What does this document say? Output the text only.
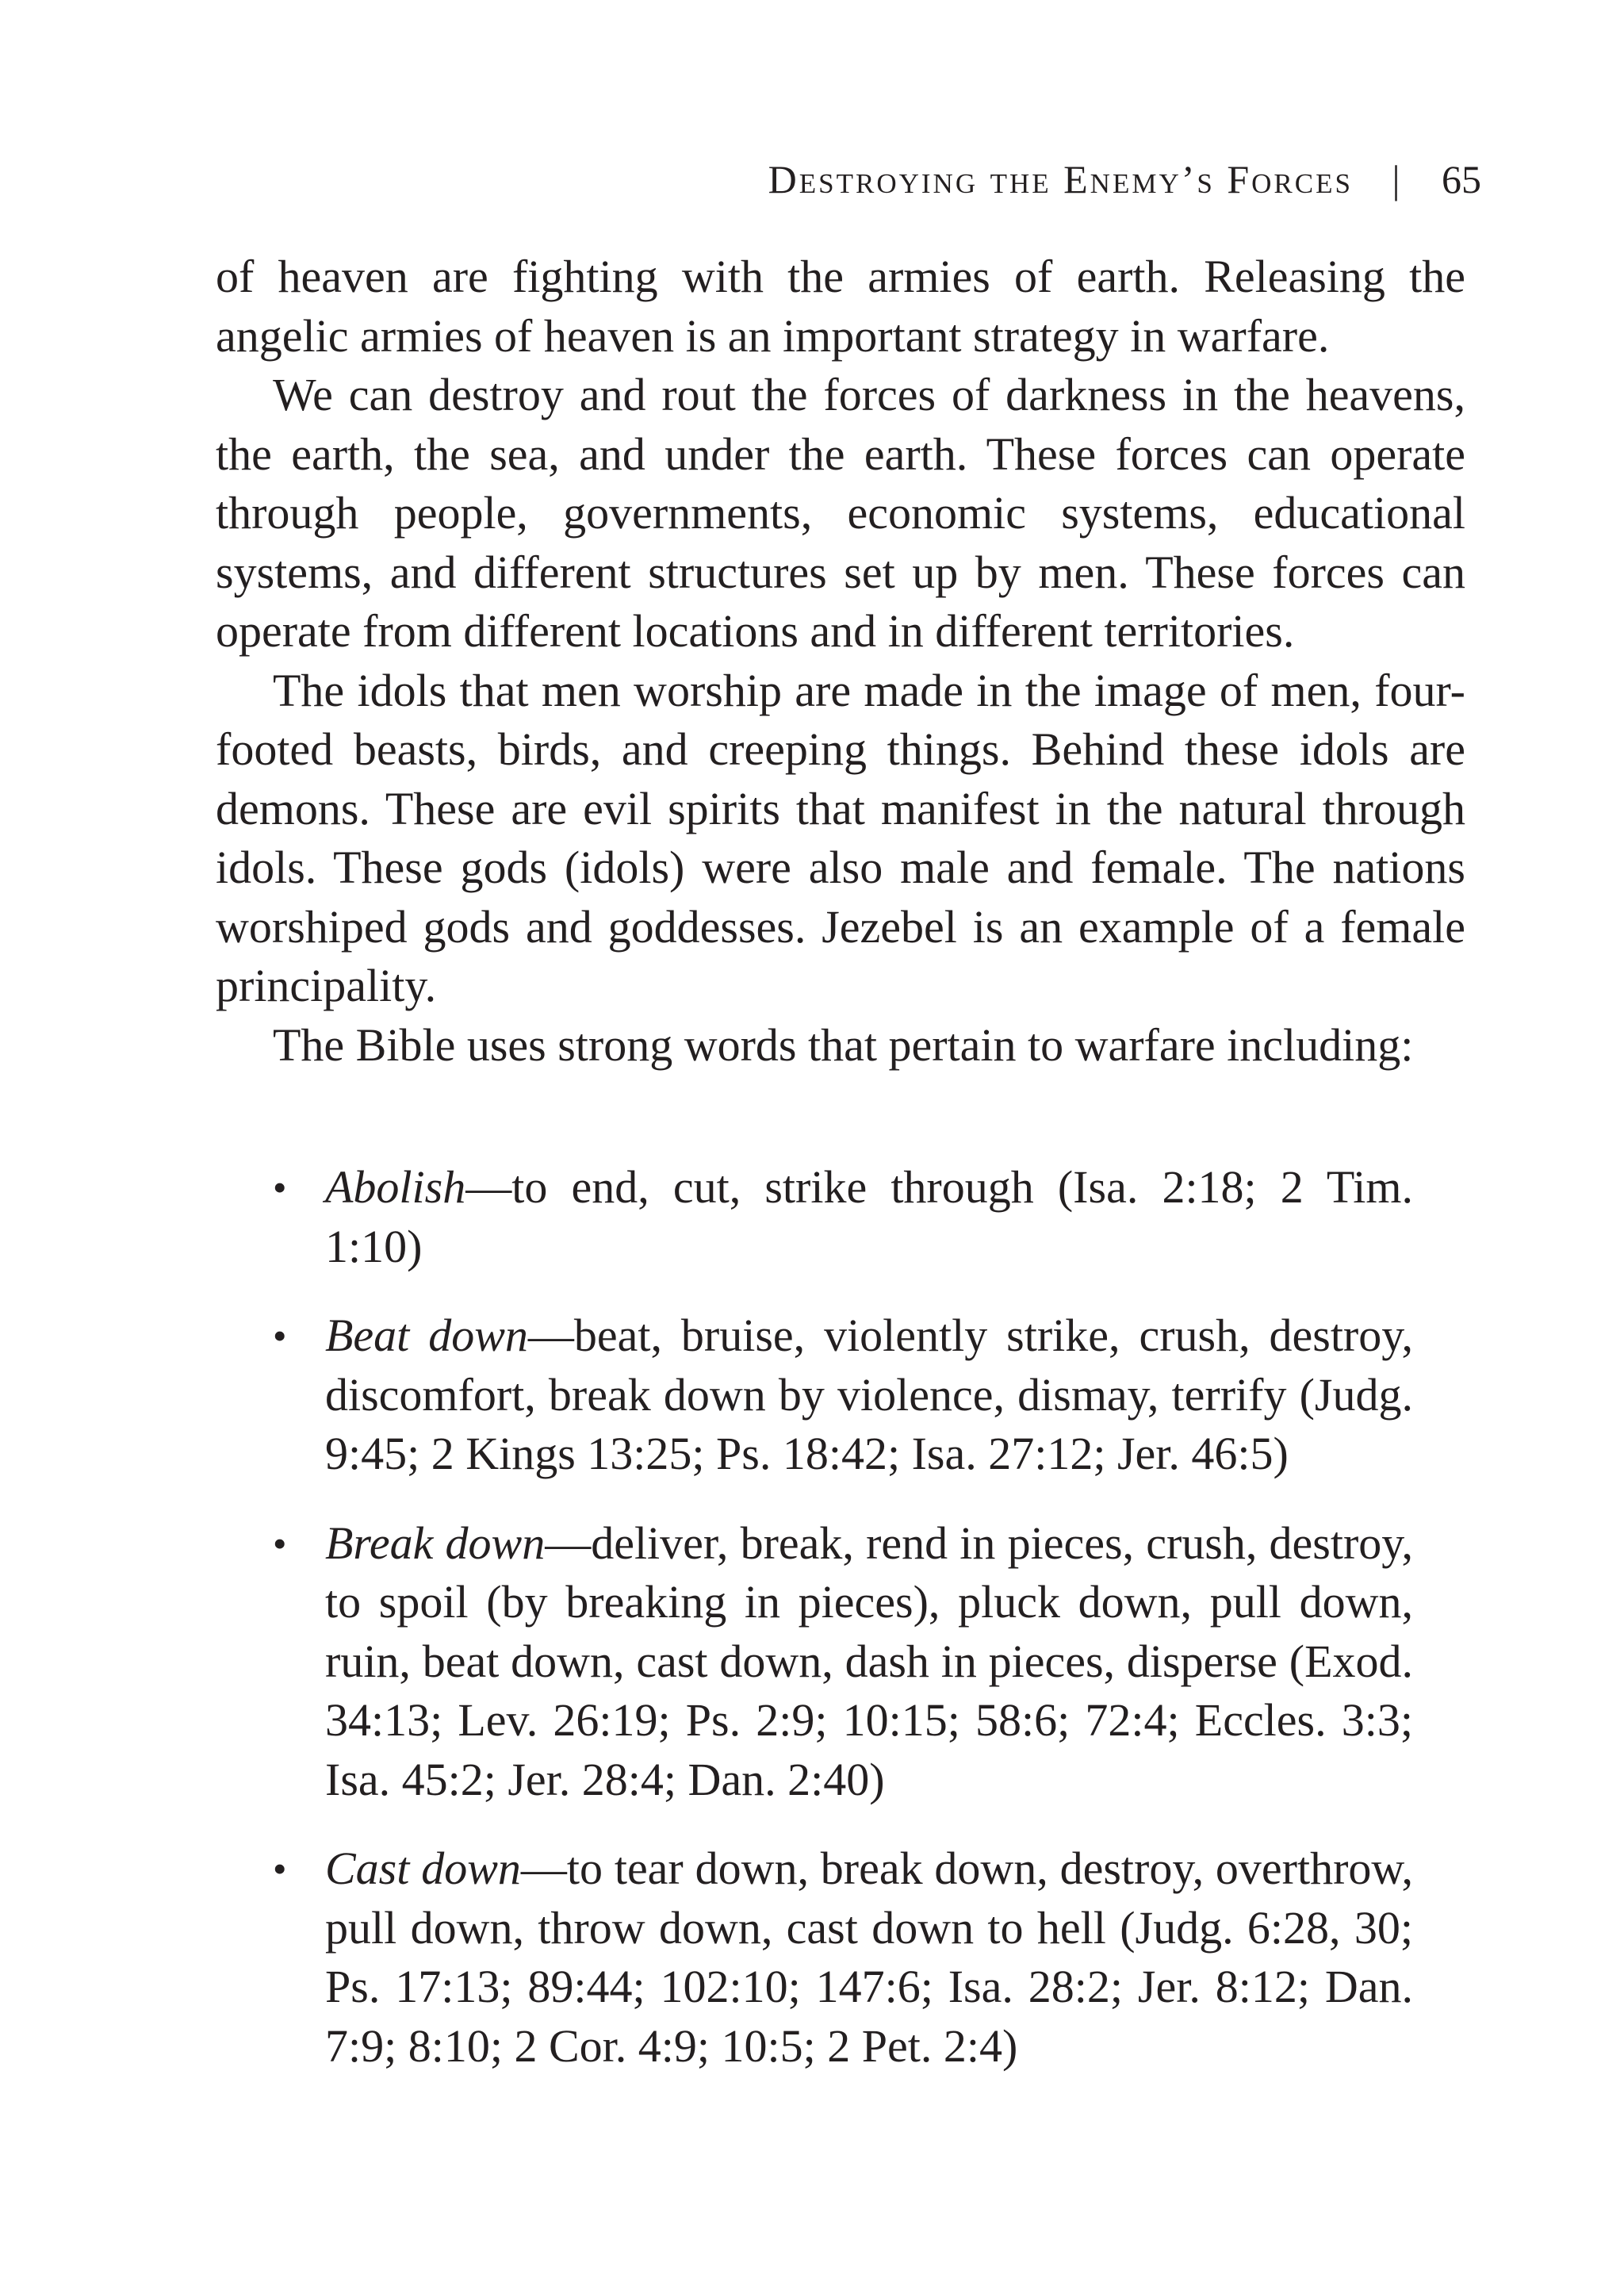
Destroying the Enemy’s Forces | 65

of heaven are fighting with the armies of earth. Releasing the angelic armies of heaven is an important strategy in warfare.

We can destroy and rout the forces of darkness in the heavens, the earth, the sea, and under the earth. These forces can operate through people, governments, economic systems, educational systems, and different structures set up by men. These forces can operate from different locations and in different territories.

The idols that men worship are made in the image of men, four-footed beasts, birds, and creeping things. Behind these idols are demons. These are evil spirits that manifest in the natural through idols. These gods (idols) were also male and female. The nations worshiped gods and goddesses. Jezebel is an example of a female principality.

The Bible uses strong words that pertain to warfare including:

• Abolish—to end, cut, strike through (Isa. 2:18; 2 Tim. 1:10)
• Beat down—beat, bruise, violently strike, crush, destroy, discomfort, break down by violence, dismay, terrify (Judg. 9:45; 2 Kings 13:25; Ps. 18:42; Isa. 27:12; Jer. 46:5)
• Break down—deliver, break, rend in pieces, crush, destroy, to spoil (by breaking in pieces), pluck down, pull down, ruin, beat down, cast down, dash in pieces, disperse (Exod. 34:13; Lev. 26:19; Ps. 2:9; 10:15; 58:6; 72:4; Eccles. 3:3; Isa. 45:2; Jer. 28:4; Dan. 2:40)
• Cast down—to tear down, break down, destroy, overthrow, pull down, throw down, cast down to hell (Judg. 6:28, 30; Ps. 17:13; 89:44; 102:10; 147:6; Isa. 28:2; Jer. 8:12; Dan. 7:9; 8:10; 2 Cor. 4:9; 10:5; 2 Pet. 2:4)
